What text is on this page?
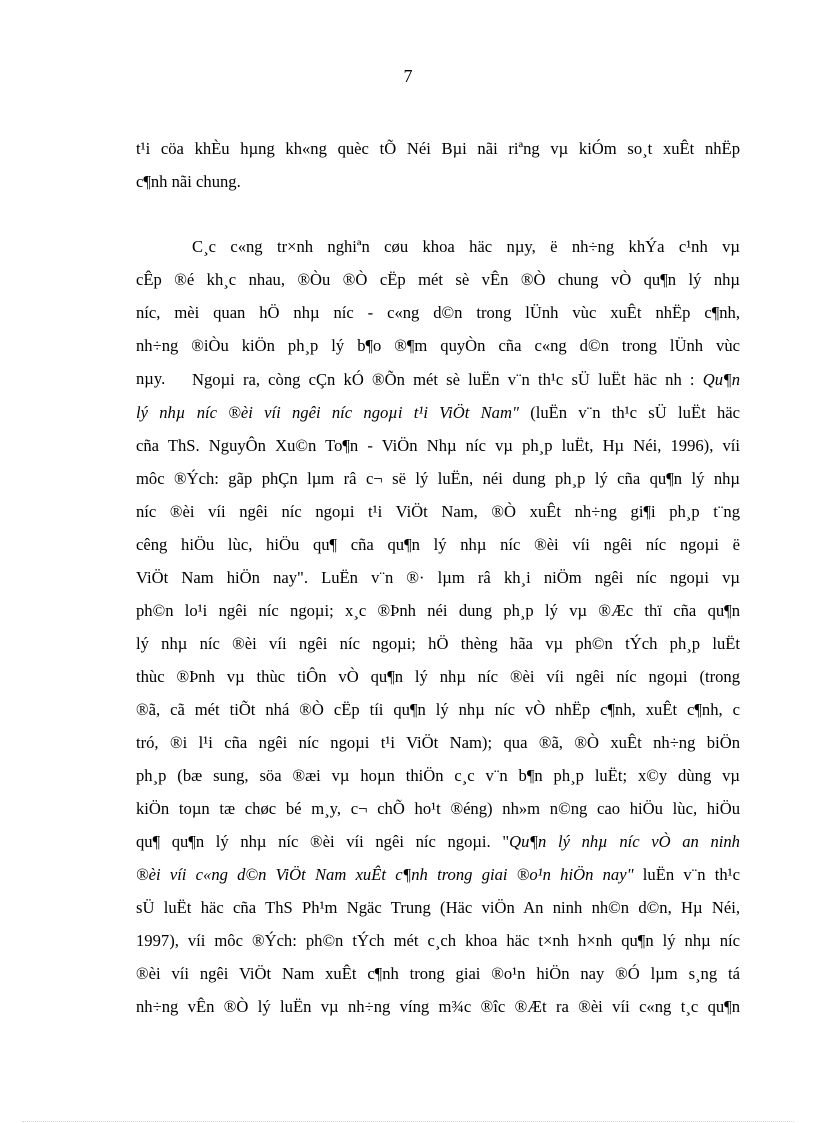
7

t¹i cöa khÈu hµng kh«ng quèc tÕ Néi Bµi nãi riªng vµ kiÓm so¸t xuÊt nhËp
c¶nh nãi chung.

C¸c c«ng tr×nh nghiªn cøu khoa häc nµy, ë nh÷ng khÝa c¹nh vµ
cÊp ®é kh¸c nhau, ®Òu ®Ò cËp mét sè vÊn ®Ò chung vÒ qu¶n lý nhµ
níc, mèi quan hÖ nhµ níc - c«ng d©n trong lÜnh vùc xuÊt nhËp c¶nh,
nh÷ng ®iÒu kiÖn ph¸p lý b¶o ®¶m quyÒn cña c«ng d©n trong lÜnh vùc
nµy.	Ngoµi ra, còng cÇn kÓ ®Õn mét sè luËn v¨n th¹c sÜ luËt häc nh : Qu¶n
lý nhµ níc ®èi víi ngêi níc ngoµi t¹i ViÖt Nam" (luËn v¨n th¹c sÜ luËt häc
cña ThS. NguyÔn Xu©n To¶n - ViÖn Nhµ níc vµ ph¸p luËt, Hµ Néi, 1996), víi
môc ®Ých: gãp phÇn lµm râ c¬ së lý luËn, néi dung ph¸p lý cña qu¶n lý nhµ
níc ®èi víi ngêi níc ngoµi t¹i ViÖt Nam, ®Ò xuÊt nh÷ng gi¶i ph¸p t¨ng
cêng hiÖu lùc, hiÖu qu¶ cña qu¶n lý nhµ níc ®èi víi ngêi níc ngoµi ë
ViÖt Nam hiÖn nay". LuËn v¨n ®· lµm râ kh¸i niÖm ngêi níc ngoµi vµ
ph©n lo¹i ngêi níc ngoµi; x¸c ®Þnh néi dung ph¸p lý vµ ®Æc thï cña qu¶n
lý nhµ níc ®èi víi ngêi níc ngoµi; hÖ thèng hãa vµ ph©n tÝch ph¸p luËt
thùc ®Þnh vµ thùc tiÔn vÒ qu¶n lý nhµ níc ®èi víi ngêi níc ngoµi (trong
®ã, cã mét tiÕt nhá ®Ò cËp tíi qu¶n lý nhµ níc vÒ nhËp c¶nh, xuÊt c¶nh, c
tró, ®i l¹i cña ngêi níc ngoµi t¹i ViÖt Nam); qua ®ã, ®Ò xuÊt nh÷ng biÖn
ph¸p (bæ sung, söa ®æi vµ hoµn thiÖn c¸c v¨n b¶n ph¸p luËt; x©y dùng vµ
kiÖn toµn tæ chøc bé m¸y, c¬ chÕ ho¹t ®éng) nh»m n©ng cao hiÖu lùc, hiÖu
qu¶ qu¶n lý nhµ níc ®èi víi ngêi níc ngoµi. "Qu¶n lý nhµ níc vÒ an ninh
®èi víi c«ng d©n ViÖt Nam xuÊt c¶nh trong giai ®o¹n hiÖn nay" luËn v¨n th¹c
sÜ luËt häc cña ThS Ph¹m Ngäc Trung (Häc viÖn An ninh nh©n d©n, Hµ Néi,
1997), víi môc ®Ých: ph©n tÝch mét c¸ch khoa häc t×nh h×nh qu¶n lý nhµ níc
®èi víi ngêi ViÖt Nam xuÊt c¶nh trong giai ®o¹n hiÖn nay ®Ó lµm s¸ng tá
nh÷ng vÊn ®Ò lý luËn vµ nh÷ng víng m¾c ®îc ®Æt ra ®èi víi c«ng t¸c qu¶n
